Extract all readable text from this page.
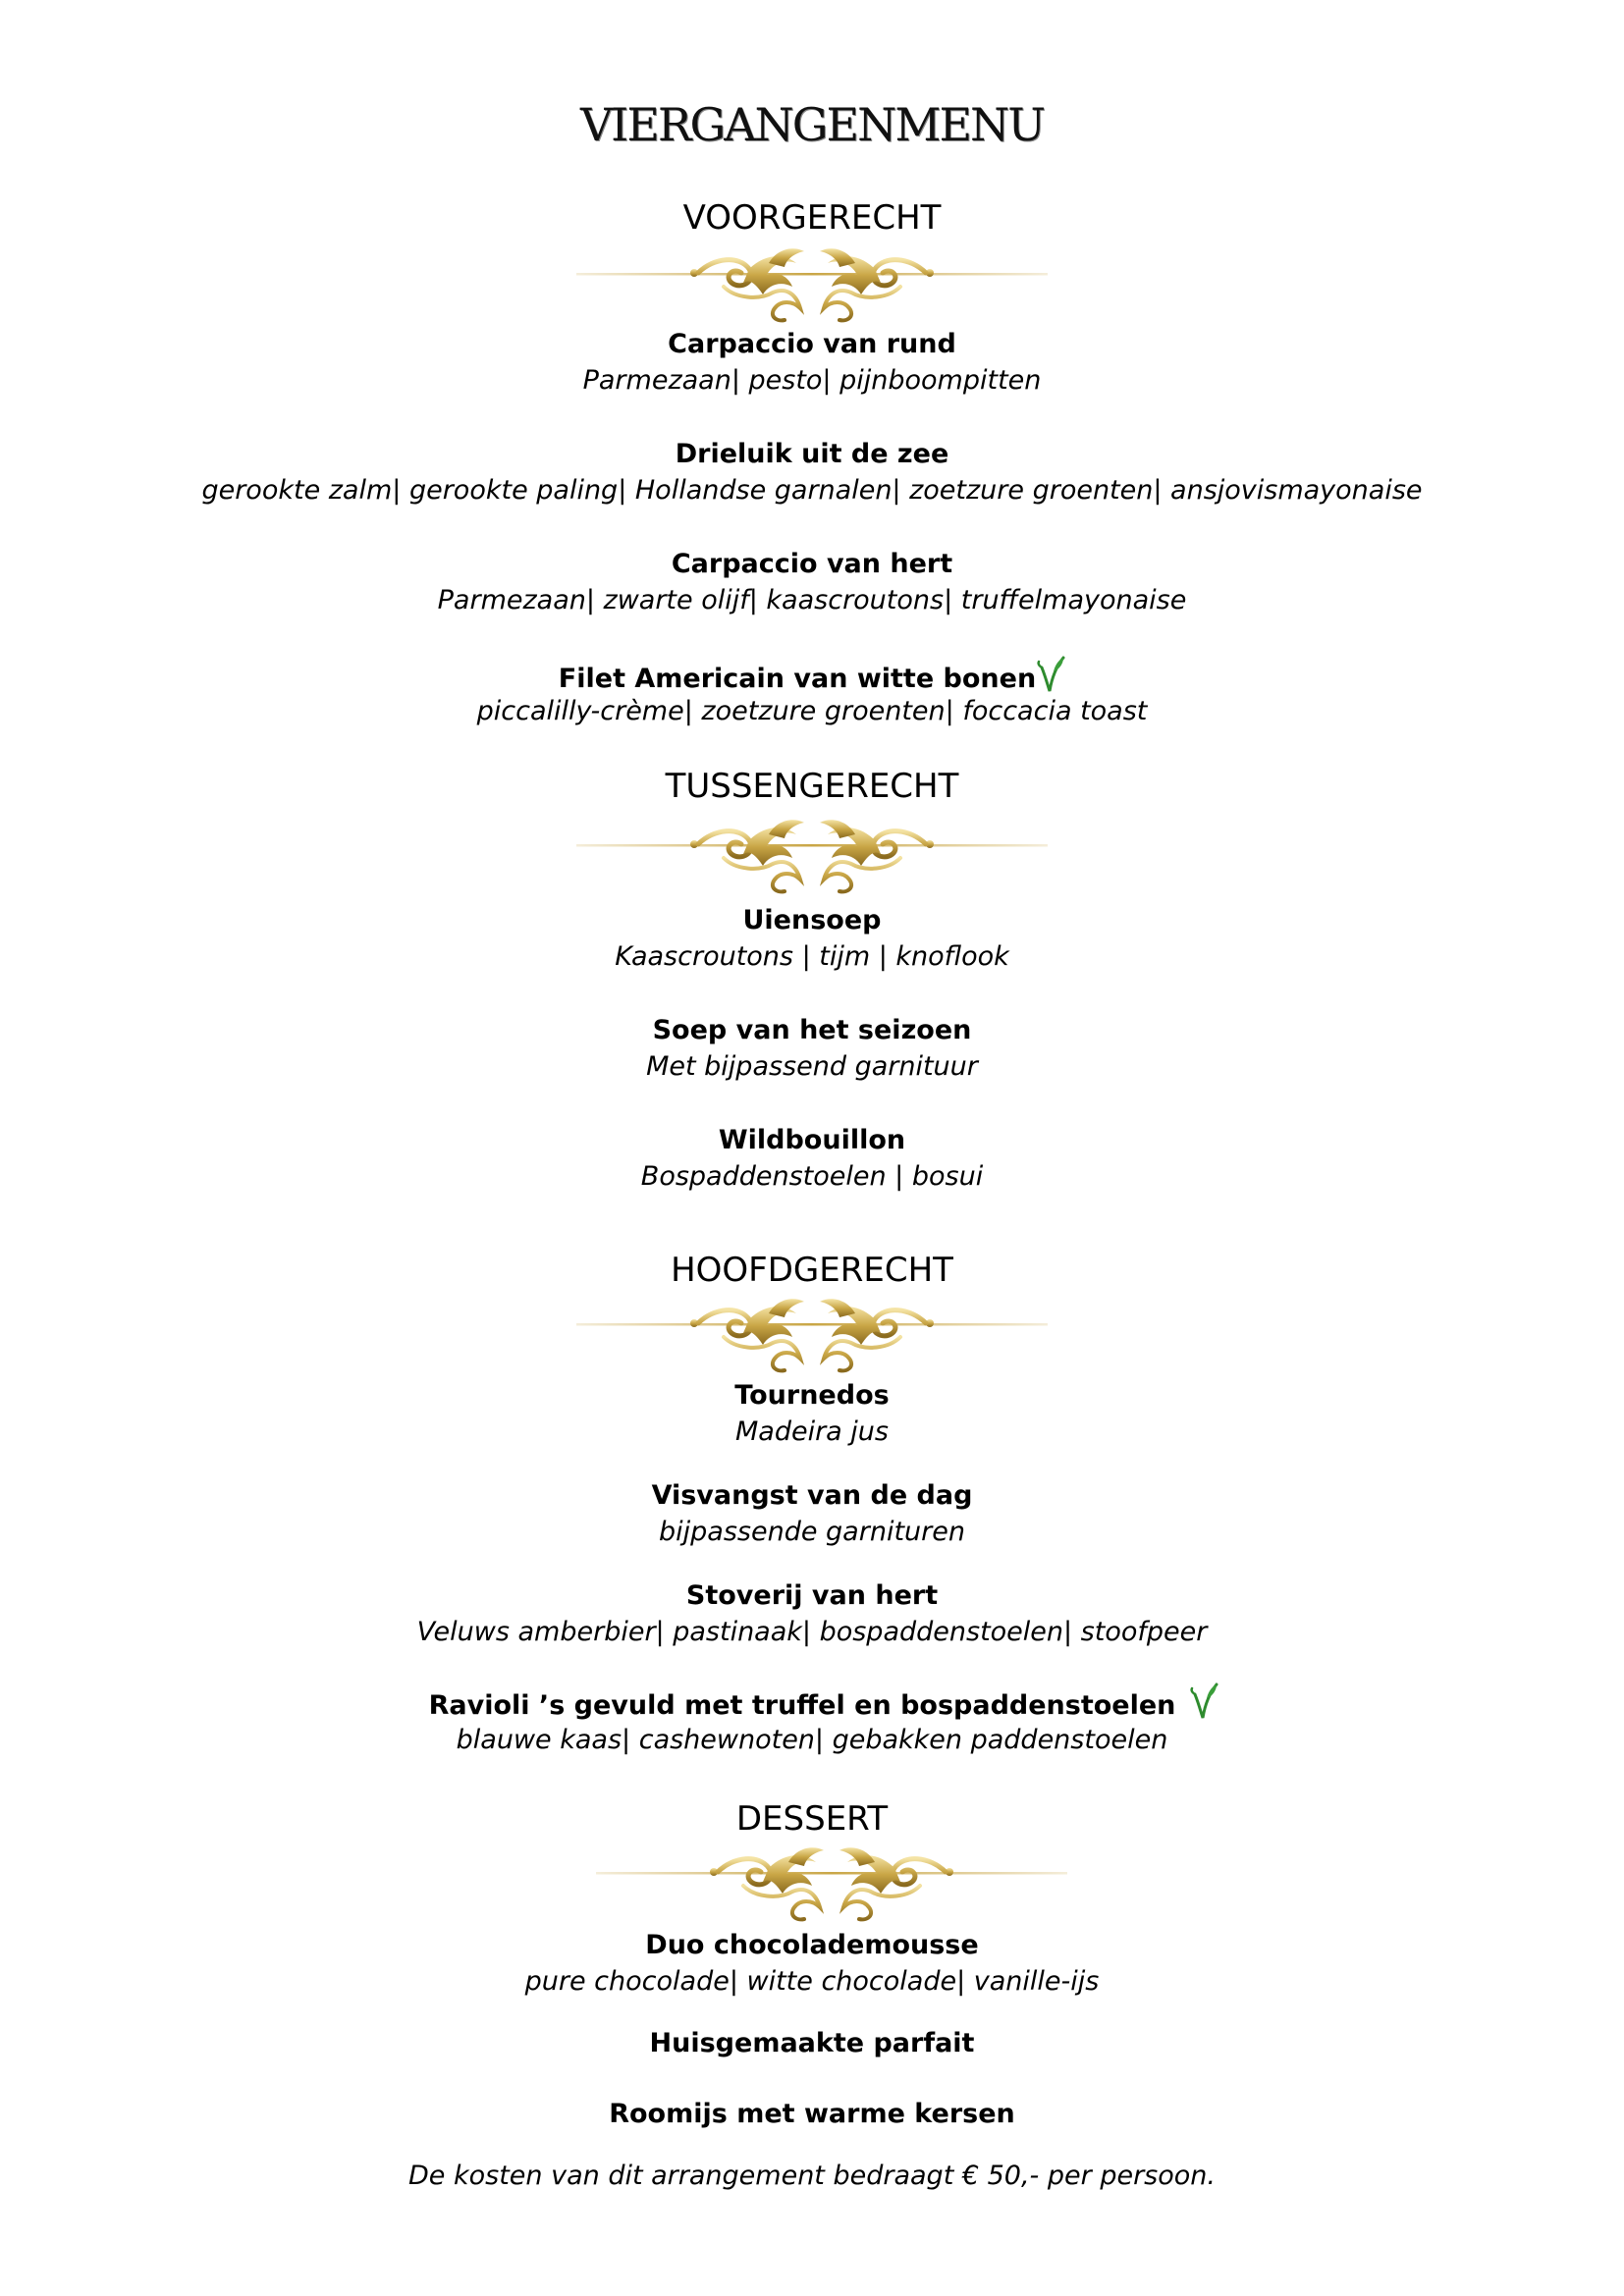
VIERGANGENMENU
VOORGERECHT
Carpaccio van rund
Parmezaan| pesto| pijnboompitten
Drieluik uit de zee
gerookte zalm| gerookte paling| Hollandse garnalen| zoetzure groenten| ansjovismayonaise
Carpaccio van hert
Parmezaan| zwarte olijf| kaascroutons| truffelmayonaise
Filet Americain van witte bonen
piccalilly-crème| zoetzure groenten| foccacia toast
TUSSENGERECHT
Uiensoep
Kaascroutons | tijm | knoflook
Soep van het seizoen
Met bijpassend garnituur
Wildbouillon
Bospaddenstoelen | bosui
HOOFDGERECHT
Tournedos
Madeira jus
Visvangst van de dag
bijpassende garnituren
Stoverij van hert
Veluws amberbier| pastinaak| bospaddenstoelen| stoofpeer
Ravioli ’s gevuld met truffel en bospaddenstoelen
blauwe kaas| cashewnoten| gebakken paddenstoelen
DESSERT
Duo chocolademousse
pure chocolade| witte chocolade| vanille-ijs
Huisgemaakte parfait
Roomijs met warme kersen
De kosten van dit arrangement bedraagt € 50,- per persoon.
